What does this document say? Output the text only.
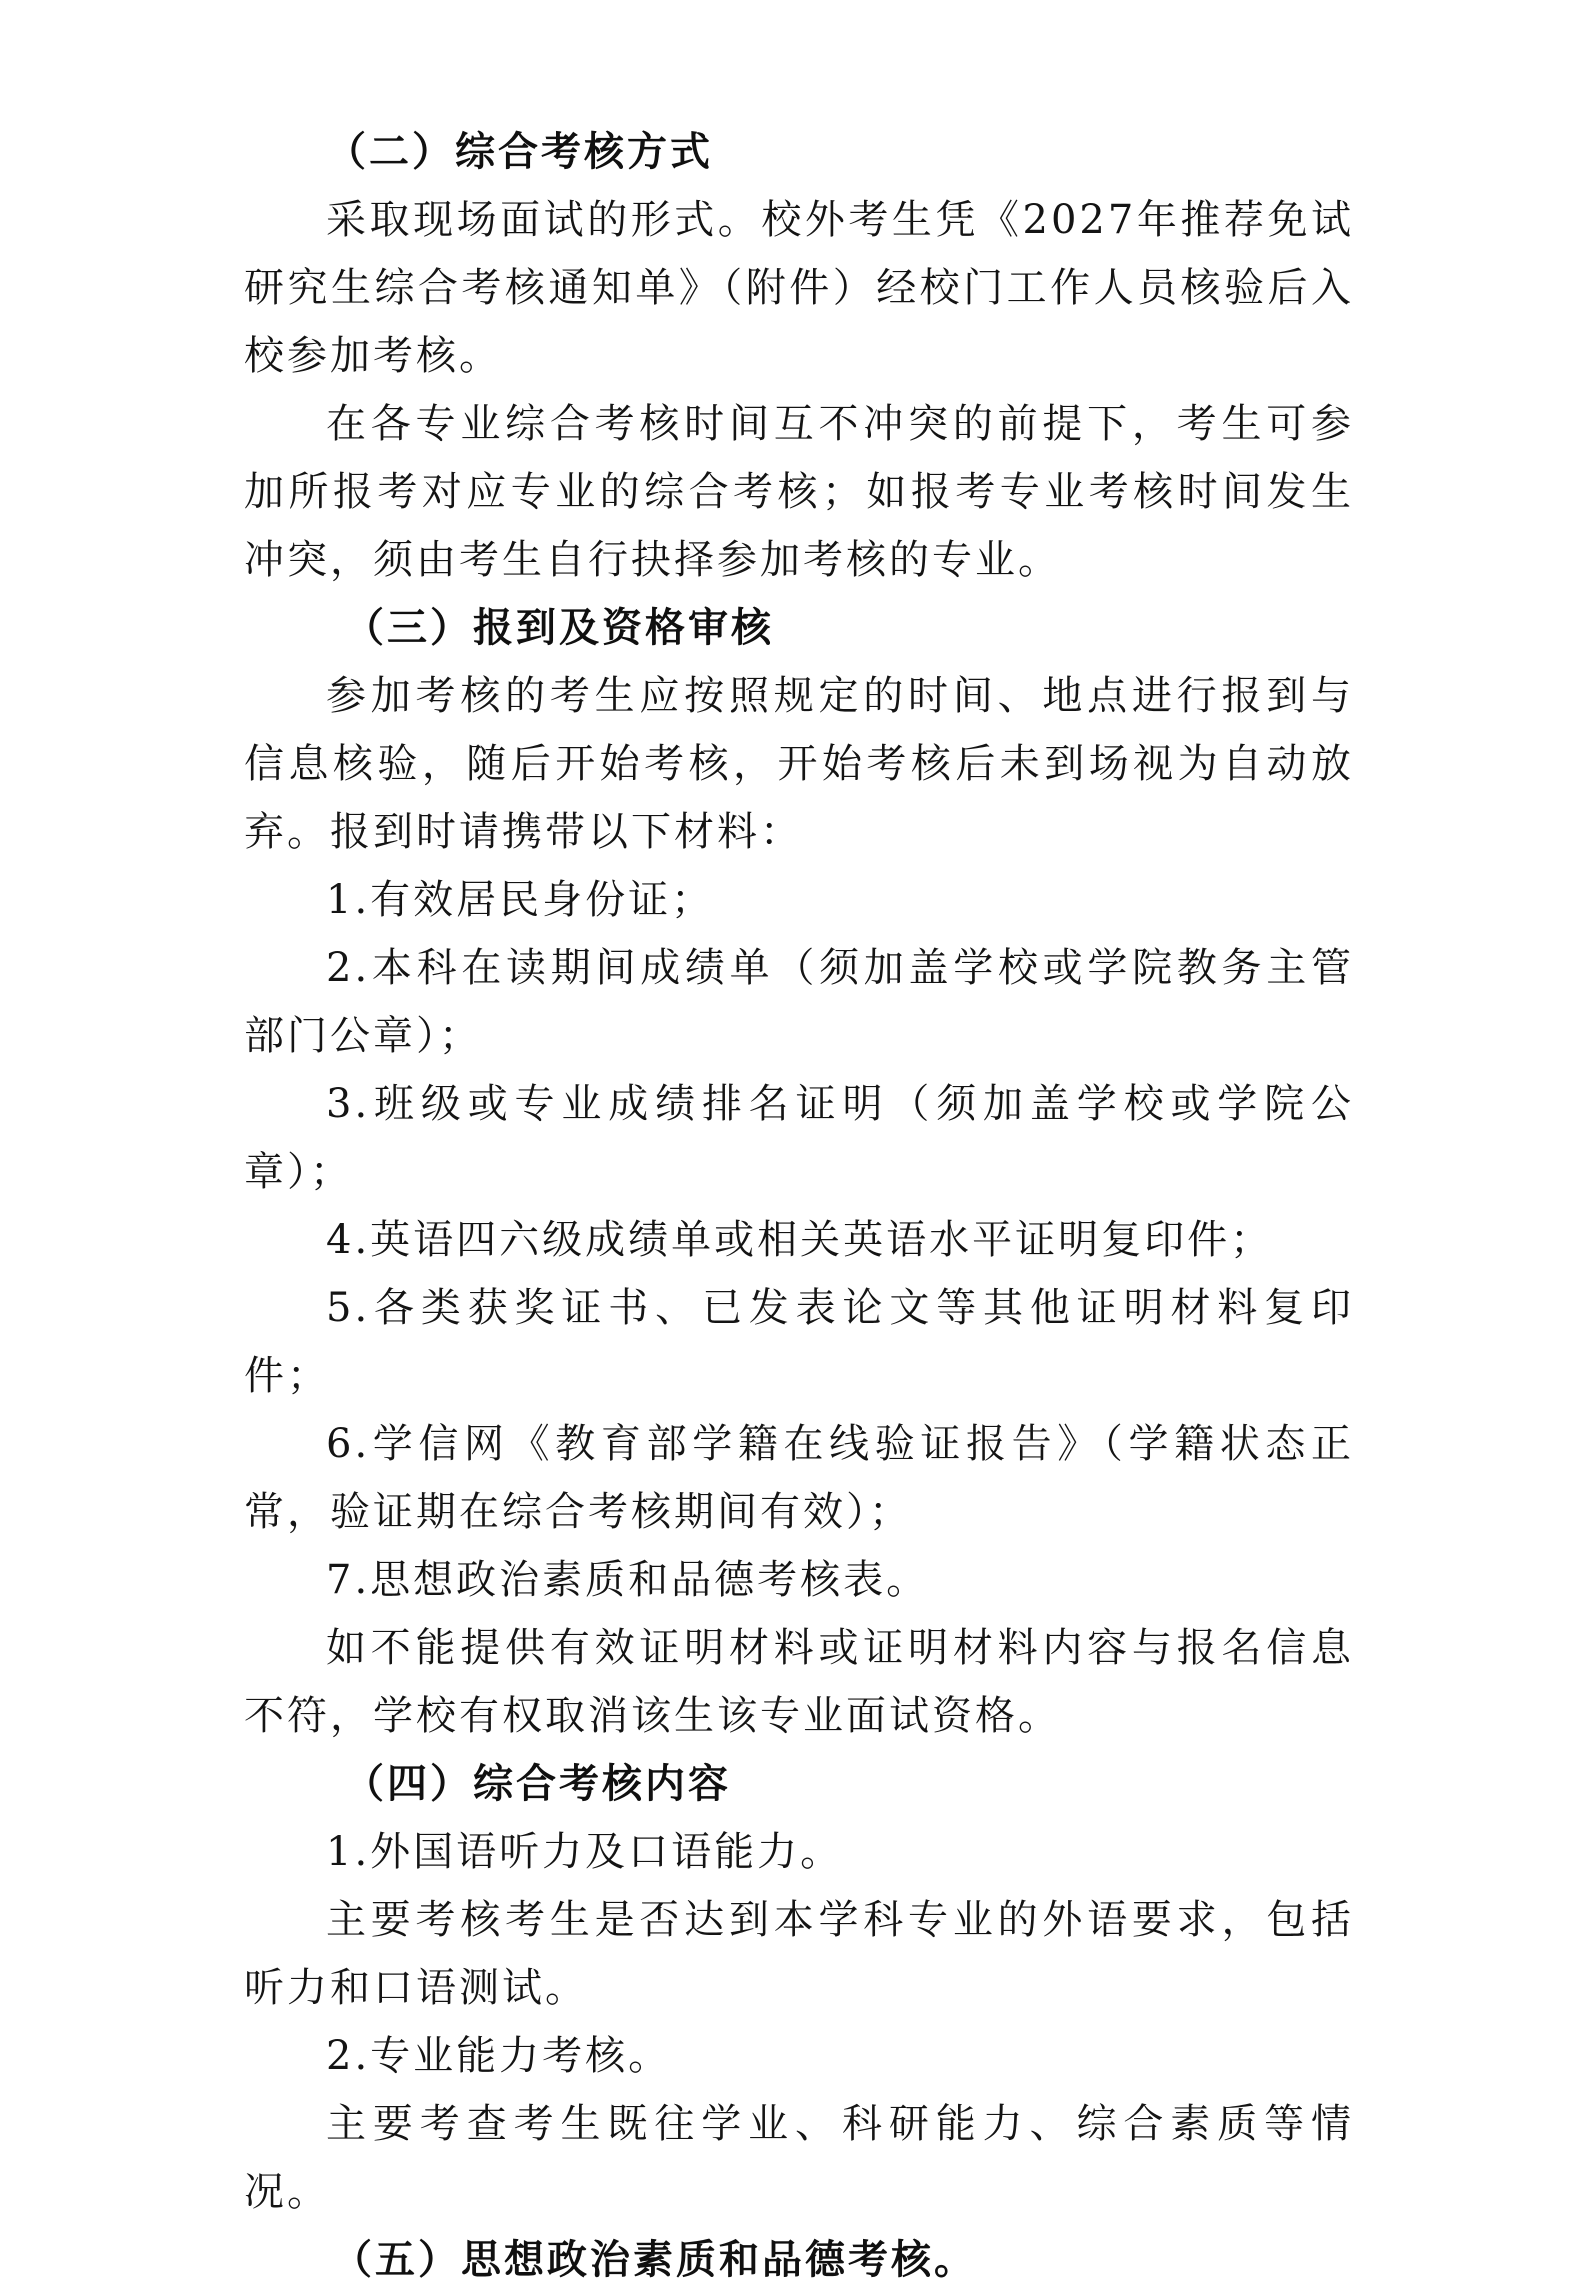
（二）综合考核方式

采取现场面试的形式。校外考生凭《2027年推荐免试研究生综合考核通知单》（附件）经校门工作人员核验后入校参加考核。

在各专业综合考核时间互不冲突的前提下，考生可参加所报考对应专业的综合考核；如报考专业考核时间发生冲突，须由考生自行抉择参加考核的专业。

（三）报到及资格审核

参加考核的考生应按照规定的时间、地点进行报到与信息核验，随后开始考核，开始考核后未到场视为自动放弃。报到时请携带以下材料：

1.有效居民身份证；

2.本科在读期间成绩单（须加盖学校或学院教务主管部门公章）；

3.班级或专业成绩排名证明（须加盖学校或学院公章）；

4.英语四六级成绩单或相关英语水平证明复印件；

5.各类获奖证书、已发表论文等其他证明材料复印件；

6.学信网《教育部学籍在线验证报告》（学籍状态正常，验证期在综合考核期间有效）；

7.思想政治素质和品德考核表。

如不能提供有效证明材料或证明材料内容与报名信息不符，学校有权取消该生该专业面试资格。

（四）综合考核内容

1.外国语听力及口语能力。

主要考核考生是否达到本学科专业的外语要求，包括听力和口语测试。

2.专业能力考核。

主要考查考生既往学业、科研能力、综合素质等情况。

（五）思想政治素质和品德考核。
